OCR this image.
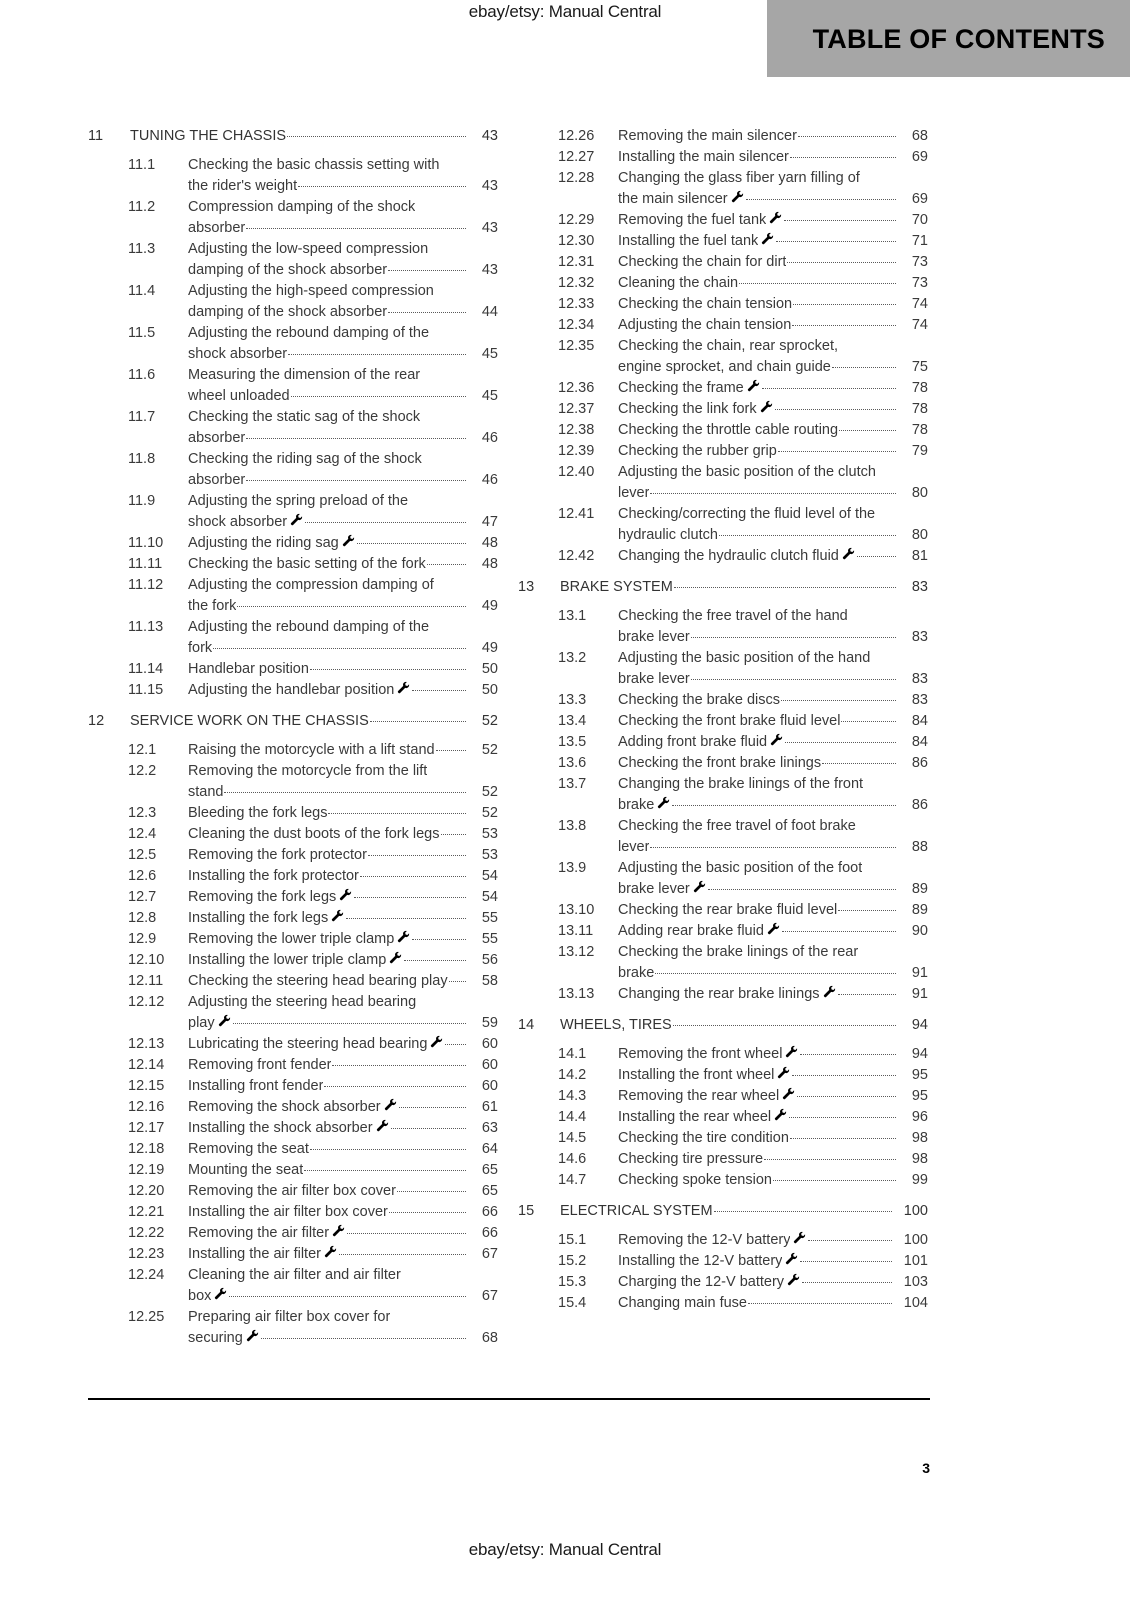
ebay/etsy: Manual Central
TABLE OF CONTENTS
11	TUNING THE CHASSIS	43
11.1	Checking the basic chassis setting with
the rider's weight	43
11.2	Compression damping of the shock
absorber	43
11.3	Adjusting the low-speed compression
damping of the shock absorber	43
11.4	Adjusting the high-speed compression
damping of the shock absorber	44
11.5	Adjusting the rebound damping of the
shock absorber	45
11.6	Measuring the dimension of the rear
wheel unloaded	45
11.7	Checking the static sag of the shock
absorber	46
11.8	Checking the riding sag of the shock
absorber	46
11.9	Adjusting the spring preload of the
shock absorber	47
11.10	Adjusting the riding sag	48
11.11	Checking the basic setting of the fork	48
11.12	Adjusting the compression damping of
the fork	49
11.13	Adjusting the rebound damping of the
fork	49
11.14	Handlebar position	50
11.15	Adjusting the handlebar position	50
12	SERVICE WORK ON THE CHASSIS	52
12.1	Raising the motorcycle with a lift stand	52
12.2	Removing the motorcycle from the lift
stand	52
12.3	Bleeding the fork legs	52
12.4	Cleaning the dust boots of the fork legs	53
12.5	Removing the fork protector	53
12.6	Installing the fork protector	54
12.7	Removing the fork legs	54
12.8	Installing the fork legs	55
12.9	Removing the lower triple clamp	55
12.10	Installing the lower triple clamp	56
12.11	Checking the steering head bearing play	58
12.12	Adjusting the steering head bearing
play	59
12.13	Lubricating the steering head bearing	60
12.14	Removing front fender	60
12.15	Installing front fender	60
12.16	Removing the shock absorber	61
12.17	Installing the shock absorber	63
12.18	Removing the seat	64
12.19	Mounting the seat	65
12.20	Removing the air filter box cover	65
12.21	Installing the air filter box cover	66
12.22	Removing the air filter	66
12.23	Installing the air filter	67
12.24	Cleaning the air filter and air filter
box	67
12.25	Preparing air filter box cover for
securing	68
12.26	Removing the main silencer	68
12.27	Installing the main silencer	69
12.28	Changing the glass fiber yarn filling of
the main silencer	69
12.29	Removing the fuel tank	70
12.30	Installing the fuel tank	71
12.31	Checking the chain for dirt	73
12.32	Cleaning the chain	73
12.33	Checking the chain tension	74
12.34	Adjusting the chain tension	74
12.35	Checking the chain, rear sprocket,
engine sprocket, and chain guide	75
12.36	Checking the frame	78
12.37	Checking the link fork	78
12.38	Checking the throttle cable routing	78
12.39	Checking the rubber grip	79
12.40	Adjusting the basic position of the clutch
lever	80
12.41	Checking/correcting the fluid level of the
hydraulic clutch	80
12.42	Changing the hydraulic clutch fluid	81
13	BRAKE SYSTEM	83
13.1	Checking the free travel of the hand
brake lever	83
13.2	Adjusting the basic position of the hand
brake lever	83
13.3	Checking the brake discs	83
13.4	Checking the front brake fluid level	84
13.5	Adding front brake fluid	84
13.6	Checking the front brake linings	86
13.7	Changing the brake linings of the front
brake	86
13.8	Checking the free travel of foot brake
lever	88
13.9	Adjusting the basic position of the foot
brake lever	89
13.10	Checking the rear brake fluid level	89
13.11	Adding rear brake fluid	90
13.12	Checking the brake linings of the rear
brake	91
13.13	Changing the rear brake linings	91
14	WHEELS, TIRES	94
14.1	Removing the front wheel	94
14.2	Installing the front wheel	95
14.3	Removing the rear wheel	95
14.4	Installing the rear wheel	96
14.5	Checking the tire condition	98
14.6	Checking tire pressure	98
14.7	Checking spoke tension	99
15	ELECTRICAL SYSTEM	100
15.1	Removing the 12-V battery	100
15.2	Installing the 12-V battery	101
15.3	Charging the 12-V battery	103
15.4	Changing main fuse	104
3
ebay/etsy: Manual Central
